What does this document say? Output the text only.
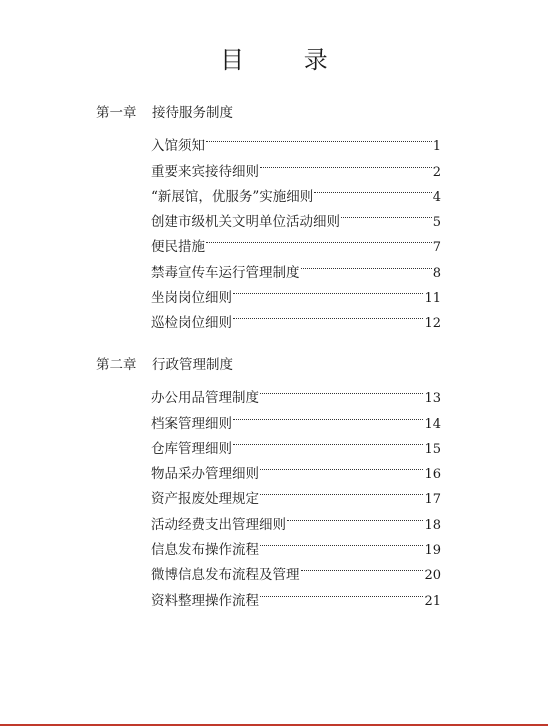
目 录
第一章 接待服务制度
入馆须知	1
重要来宾接待细则	2
“新展馆，优服务”实施细则	4
创建市级机关文明单位活动细则	5
便民措施	7
禁毒宣传车运行管理制度	8
坐岗岗位细则	11
巡检岗位细则	12
第二章 行政管理制度
办公用品管理制度	13
档案管理细则	14
仓库管理细则	15
物品采办管理细则	16
资产报废处理规定	17
活动经费支出管理细则	18
信息发布操作流程	19
微博信息发布流程及管理	20
资料整理操作流程	21
